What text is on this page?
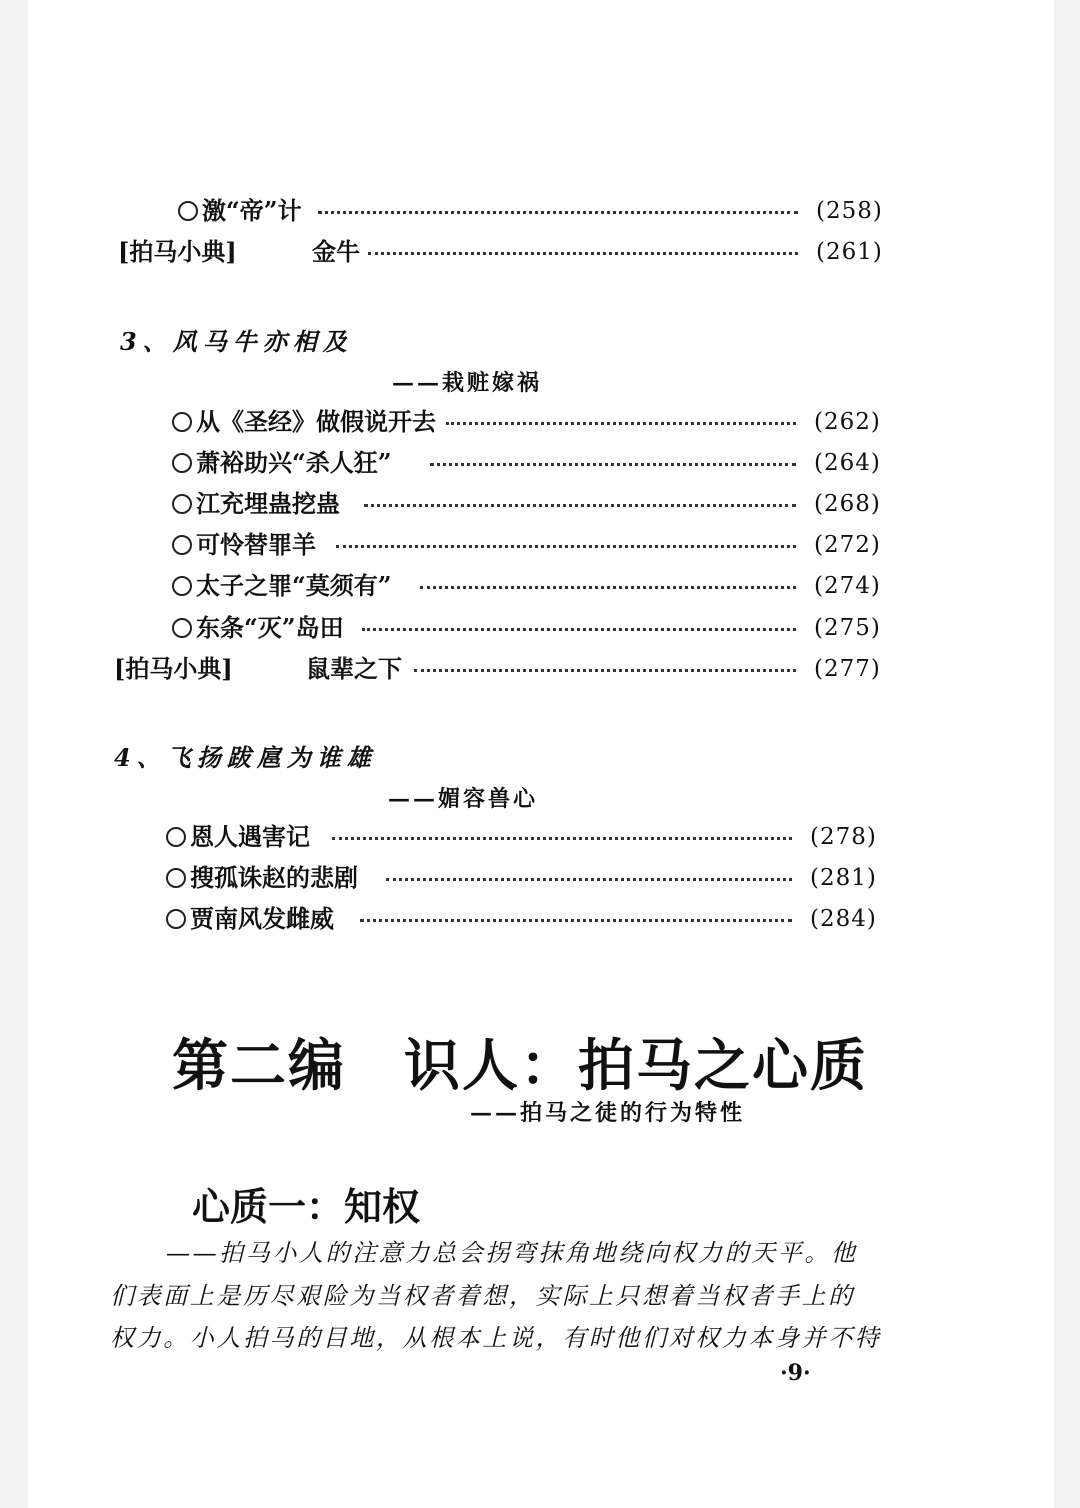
激“帝”计	(258)
[拍马小典]	金牛	(261)
3、风马牛亦相及
——栽赃嫁祸
从《圣经》做假说开去	(262)
萧裕助兴“杀人狂”	(264)
江充埋蛊挖蛊	(268)
可怜替罪羊	(272)
太子之罪“莫须有”	(274)
东条“灭”岛田	(275)
[拍马小典]	鼠辈之下	(277)
4、飞扬跋扈为谁雄
——媚容兽心
恩人遇害记	(278)
搜孤诛赵的悲剧	(281)
贾南风发雌威	(284)
第二编 识人：拍马之心质
——拍马之徒的行为特性
心质一：知权
——拍马小人的注意力总会拐弯抹角地绕向权力的天平。他
们表面上是历尽艰险为当权者着想，实际上只想着当权者手上的
权力。小人拍马的目地，从根本上说，有时他们对权力本身并不特
·9·
